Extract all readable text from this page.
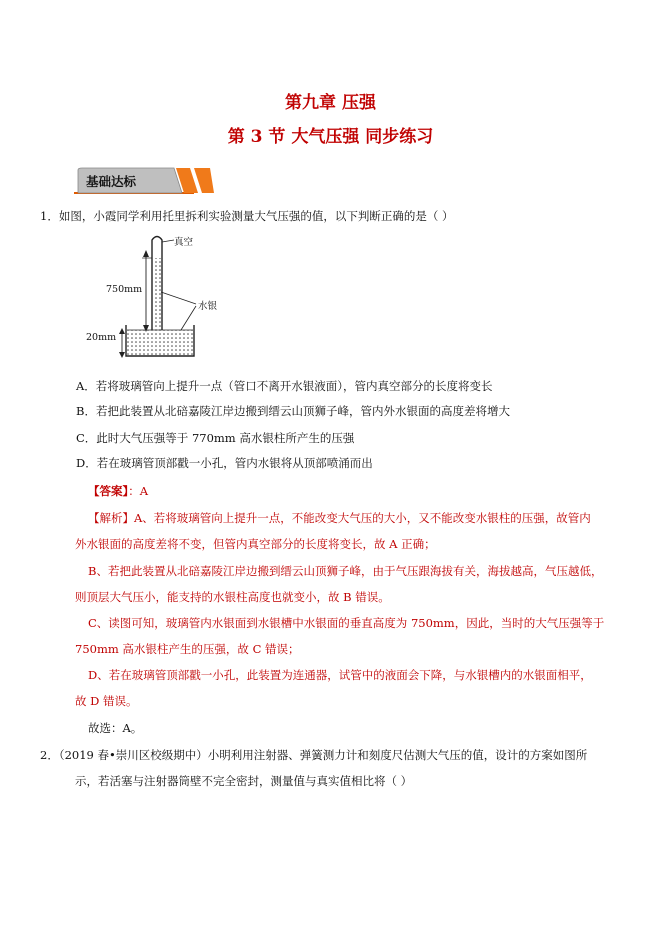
第九章 压强
第 3 节 大气压强 同步练习
基础达标
1．如图，小霞同学利用托里拆利实验测量大气压强的值，以下判断正确的是（ ）
真空
水银
750mm
20mm
A．若将玻璃管向上提升一点（管口不离开水银液面），管内真空部分的长度将变长
B．若把此装置从北碚嘉陵江岸边搬到缙云山顶狮子峰，管内外水银面的高度差将增大
C．此时大气压强等于 770mm 高水银柱所产生的压强
D．若在玻璃管顶部戳一小孔，管内水银将从顶部喷涌而出
【答案】：A
【解析】A、若将玻璃管向上提升一点，不能改变大气压的大小，又不能改变水银柱的压强，故管内
外水银面的高度差将不变，但管内真空部分的长度将变长，故 A 正确；
B、若把此装置从北碚嘉陵江岸边搬到缙云山顶狮子峰，由于气压跟海拔有关，海拔越高，气压越低，
则顶层大气压小，能支持的水银柱高度也就变小，故 B 错误。
C、读图可知，玻璃管内水银面到水银槽中水银面的垂直高度为 750mm，因此，当时的大气压强等于
750mm 高水银柱产生的压强，故 C 错误；
D、若在玻璃管顶部戳一小孔，此装置为连通器，试管中的液面会下降，与水银槽内的水银面相平，
故 D 错误。
故选：A。
2．（2019 春•崇川区校级期中）小明利用注射器、弹簧测力计和刻度尺估测大气压的值，设计的方案如图所
示，若活塞与注射器筒壁不完全密封，测量值与真实值相比将（ ）
